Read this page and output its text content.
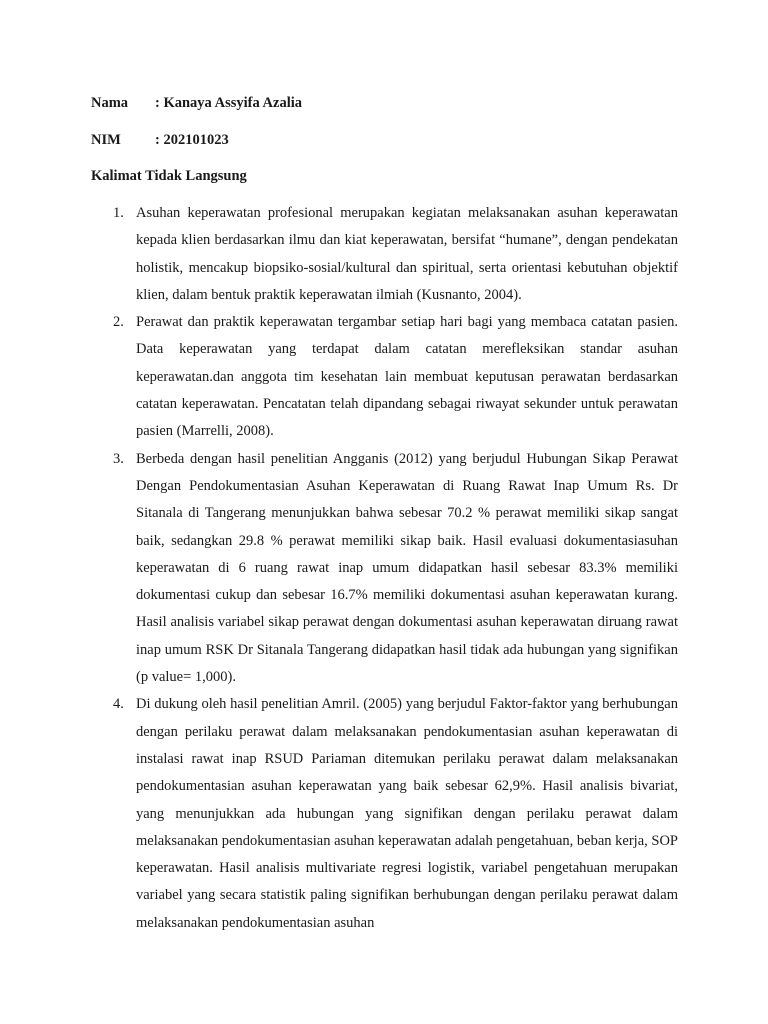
Nama : Kanaya Assyifa Azalia
NIM : 202101023
Kalimat Tidak Langsung
1. Asuhan keperawatan profesional merupakan kegiatan melaksanakan asuhan keperawatan kepada klien berdasarkan ilmu dan kiat keperawatan, bersifat “humane”, dengan pendekatan holistik, mencakup biopsiko-sosial/kultural dan spiritual, serta orientasi kebutuhan objektif klien, dalam bentuk praktik keperawatan ilmiah (Kusnanto, 2004).

2. Perawat dan praktik keperawatan tergambar setiap hari bagi yang membaca catatan pasien. Data keperawatan yang terdapat dalam catatan merefleksikan standar asuhan keperawatan.dan anggota tim kesehatan lain membuat keputusan perawatan berdasarkan catatan keperawatan. Pencatatan telah dipandang sebagai riwayat sekunder untuk perawatan pasien (Marrelli, 2008).

3. Berbeda dengan hasil penelitian Angganis (2012) yang berjudul Hubungan Sikap Perawat Dengan Pendokumentasian Asuhan Keperawatan di Ruang Rawat Inap Umum Rs. Dr Sitanala di Tangerang menunjukkan bahwa sebesar 70.2 % perawat memiliki sikap sangat baik, sedangkan 29.8 % perawat memiliki sikap baik. Hasil evaluasi dokumentasiasuhan keperawatan di 6 ruang rawat inap umum didapatkan hasil sebesar 83.3% memiliki dokumentasi cukup dan sebesar 16.7% memiliki dokumentasi asuhan keperawatan kurang. Hasil analisis variabel sikap perawat dengan dokumentasi asuhan keperawatan diruang rawat inap umum RSK Dr Sitanala Tangerang didapatkan hasil tidak ada hubungan yang signifikan (p value= 1,000).

4. Di dukung oleh hasil penelitian Amril. (2005) yang berjudul Faktor-faktor yang berhubungan dengan perilaku perawat dalam melaksanakan pendokumentasian asuhan keperawatan di instalasi rawat inap RSUD Pariaman ditemukan perilaku perawat dalam melaksanakan pendokumentasian asuhan keperawatan yang baik sebesar 62,9%. Hasil analisis bivariat, yang menunjukkan ada hubungan yang signifikan dengan perilaku perawat dalam melaksanakan pendokumentasian asuhan keperawatan adalah pengetahuan, beban kerja, SOP keperawatan. Hasil analisis multivariate regresi logistik, variabel pengetahuan merupakan variabel yang secara statistik paling signifikan berhubungan dengan perilaku perawat dalam melaksanakan pendokumentasian asuhan
